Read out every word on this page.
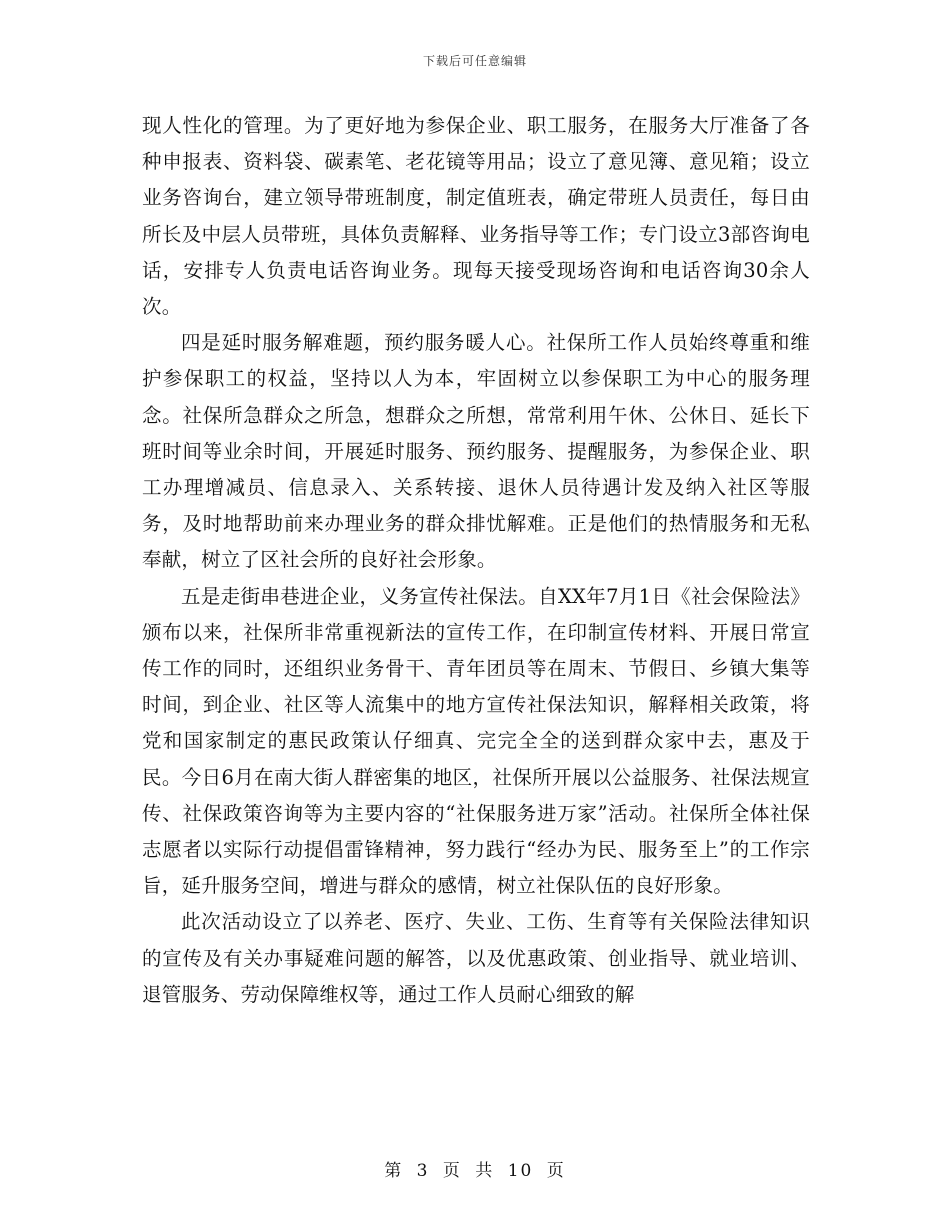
下载后可任意编辑

现人性化的管理。为了更好地为参保企业、职工服务，在服务大厅准备了各种申报表、资料袋、碳素笔、老花镜等用品；设立了意见簿、意见箱；设立业务咨询台，建立领导带班制度，制定值班表，确定带班人员责任，每日由所长及中层人员带班，具体负责解释、业务指导等工作；专门设立3部咨询电话，安排专人负责电话咨询业务。现每天接受现场咨询和电话咨询30余人次。

四是延时服务解难题，预约服务暖人心。社保所工作人员始终尊重和维护参保职工的权益，坚持以人为本，牢固树立以参保职工为中心的服务理念。社保所急群众之所急，想群众之所想，常常利用午休、公休日、延长下班时间等业余时间，开展延时服务、预约服务、提醒服务，为参保企业、职工办理增减员、信息录入、关系转接、退休人员待遇计发及纳入社区等服务，及时地帮助前来办理业务的群众排忧解难。正是他们的热情服务和无私奉献，树立了区社会所的良好社会形象。

五是走街串巷进企业，义务宣传社保法。自XX年7月1日《社会保险法》颁布以来，社保所非常重视新法的宣传工作，在印制宣传材料、开展日常宣传工作的同时，还组织业务骨干、青年团员等在周末、节假日、乡镇大集等时间，到企业、社区等人流集中的地方宣传社保法知识，解释相关政策，将党和国家制定的惠民政策认仔细真、完完全全的送到群众家中去，惠及于民。今日6月在南大街人群密集的地区，社保所开展以公益服务、社保法规宣传、社保政策咨询等为主要内容的“社保服务进万家”活动。社保所全体社保志愿者以实际行动提倡雷锋精神，努力践行“经办为民、服务至上”的工作宗旨，延升服务空间，增进与群众的感情，树立社保队伍的良好形象。

此次活动设立了以养老、医疗、失业、工伤、生育等有关保险法律知识的宣传及有关办事疑难问题的解答，以及优惠政策、创业指导、就业培训、退管服务、劳动保障维权等，通过工作人员耐心细致的解

第 3 页 共 10 页
